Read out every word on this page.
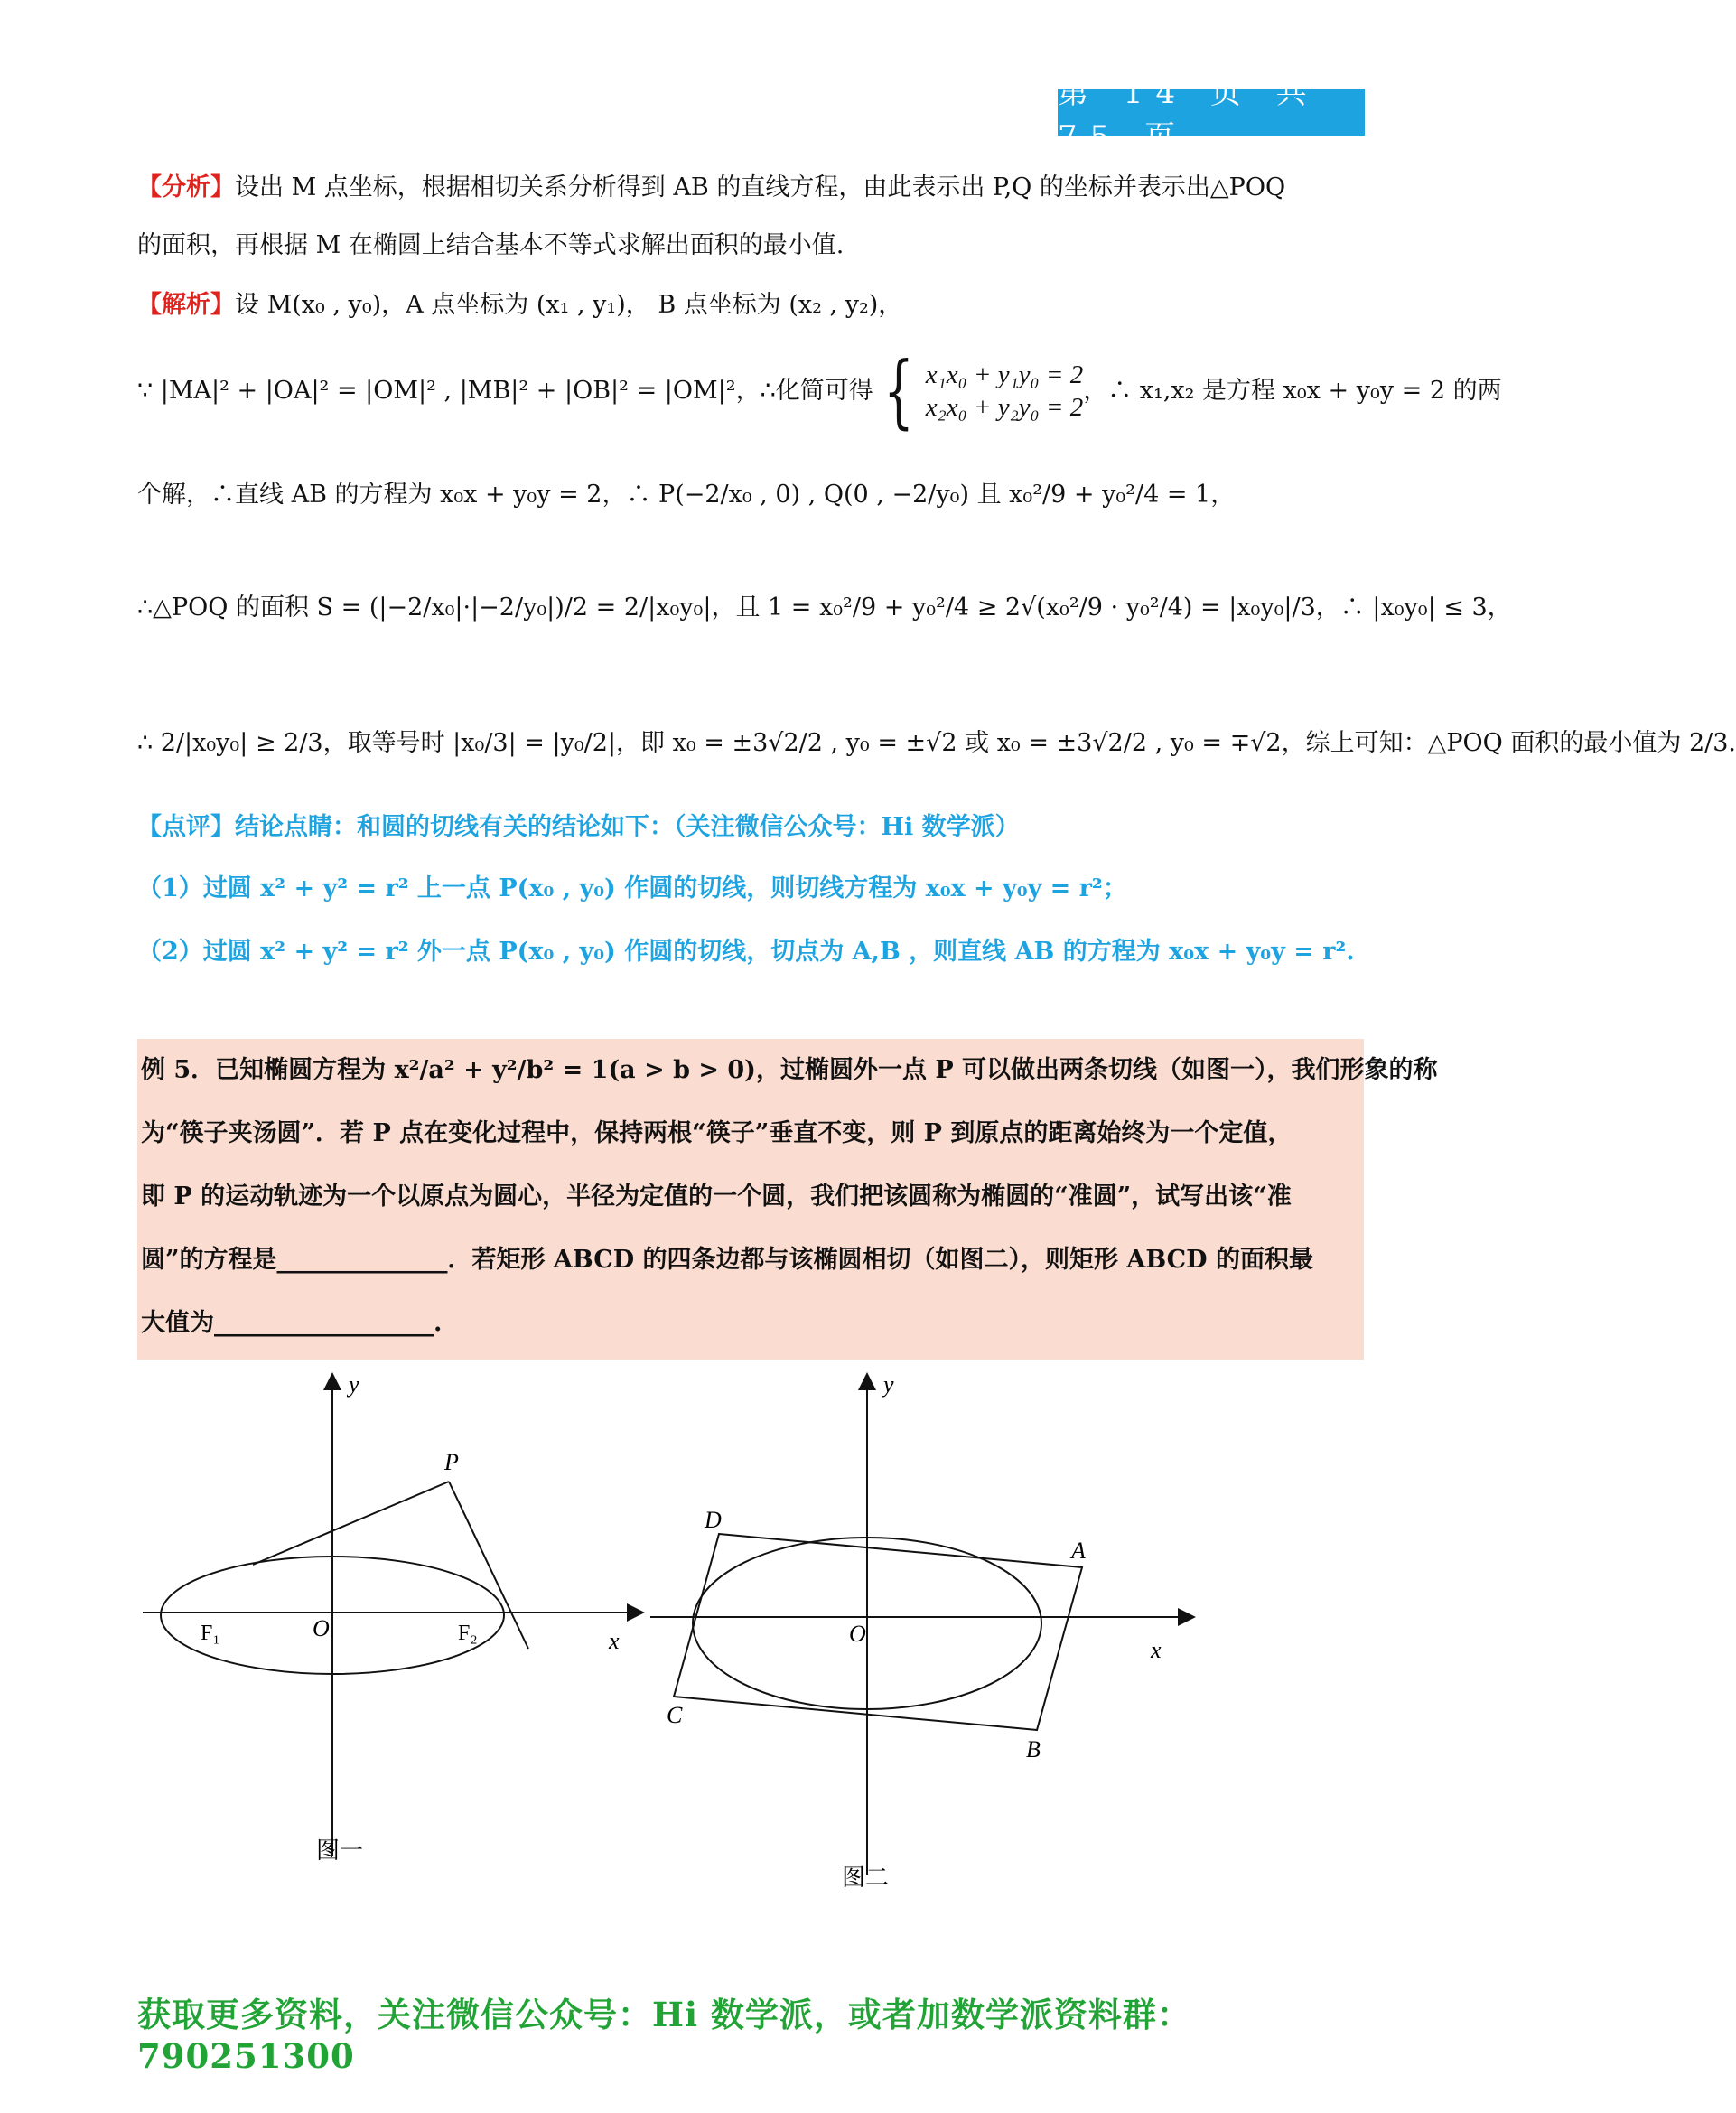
第 14 页 共 75 页
【分析】设出 M 点坐标，根据相切关系分析得到 AB 的直线方程，由此表示出 P,Q 的坐标并表示出△POQ
的面积，再根据 M 在椭圆上结合基本不等式求解出面积的最小值.
【解析】设 M(x₀ , y₀)，A 点坐标为 (x₁ , y₁)， B 点坐标为 (x₂ , y₂)，
∵ |MA|² + |OA|² = |OM|² , |MB|² + |OB|² = |OM|²，∴化简可得 { x₁x₀ + y₁y₀ = 2
x₂x₀ + y₂y₀ = 2
，∴ x₁,x₂ 是方程 x₀x + y₀y = 2 的两
个解，∴直线 AB 的方程为 x₀x + y₀y = 2，∴ P(−2/x₀ , 0) , Q(0 , −2/y₀) 且 x₀²/9 + y₀²/4 = 1，
∴△POQ 的面积 S = (|−2/x₀|·|−2/y₀|)/2 = 2/|x₀y₀|，且 1 = x₀²/9 + y₀²/4 ≥ 2√(x₀²/9 · y₀²/4) = |x₀y₀|/3，∴ |x₀y₀| ≤ 3，
∴ 2/|x₀y₀| ≥ 2/3，取等号时 |x₀/3| = |y₀/2|，即 x₀ = ±3√2/2 , y₀ = ±√2 或 x₀ = ±3√2/2 , y₀ = ∓√2，综上可知：△POQ 面积的最小值为 2/3.
【点评】结论点睛：和圆的切线有关的结论如下：（关注微信公众号：Hi 数学派）
（1）过圆 x² + y² = r² 上一点 P(x₀ , y₀) 作圆的切线，则切线方程为 x₀x + y₀y = r²；
（2）过圆 x² + y² = r² 外一点 P(x₀ , y₀) 作圆的切线，切点为 A,B ，则直线 AB 的方程为 x₀x + y₀y = r².
例 5．已知椭圆方程为 x²/a² + y²/b² = 1(a > b > 0)，过椭圆外一点 P 可以做出两条切线（如图一），我们形象的称
为“筷子夹汤圆”．若 P 点在变化过程中，保持两根“筷子”垂直不变，则 P 到原点的距离始终为一个定值，
即 P 的运动轨迹为一个以原点为圆心，半径为定值的一个圆，我们把该圆称为椭圆的“准圆”，试写出该“准
圆”的方程是______________．若矩形 ABCD 的四条边都与该椭圆相切（如图二），则矩形 ABCD 的面积最
大值为__________________.
y
x
O
P
F₁	F₂
图一
y
x
O
A
B
C
D
图二
获取更多资料，关注微信公众号：Hi 数学派，或者加数学派资料群：790251300
